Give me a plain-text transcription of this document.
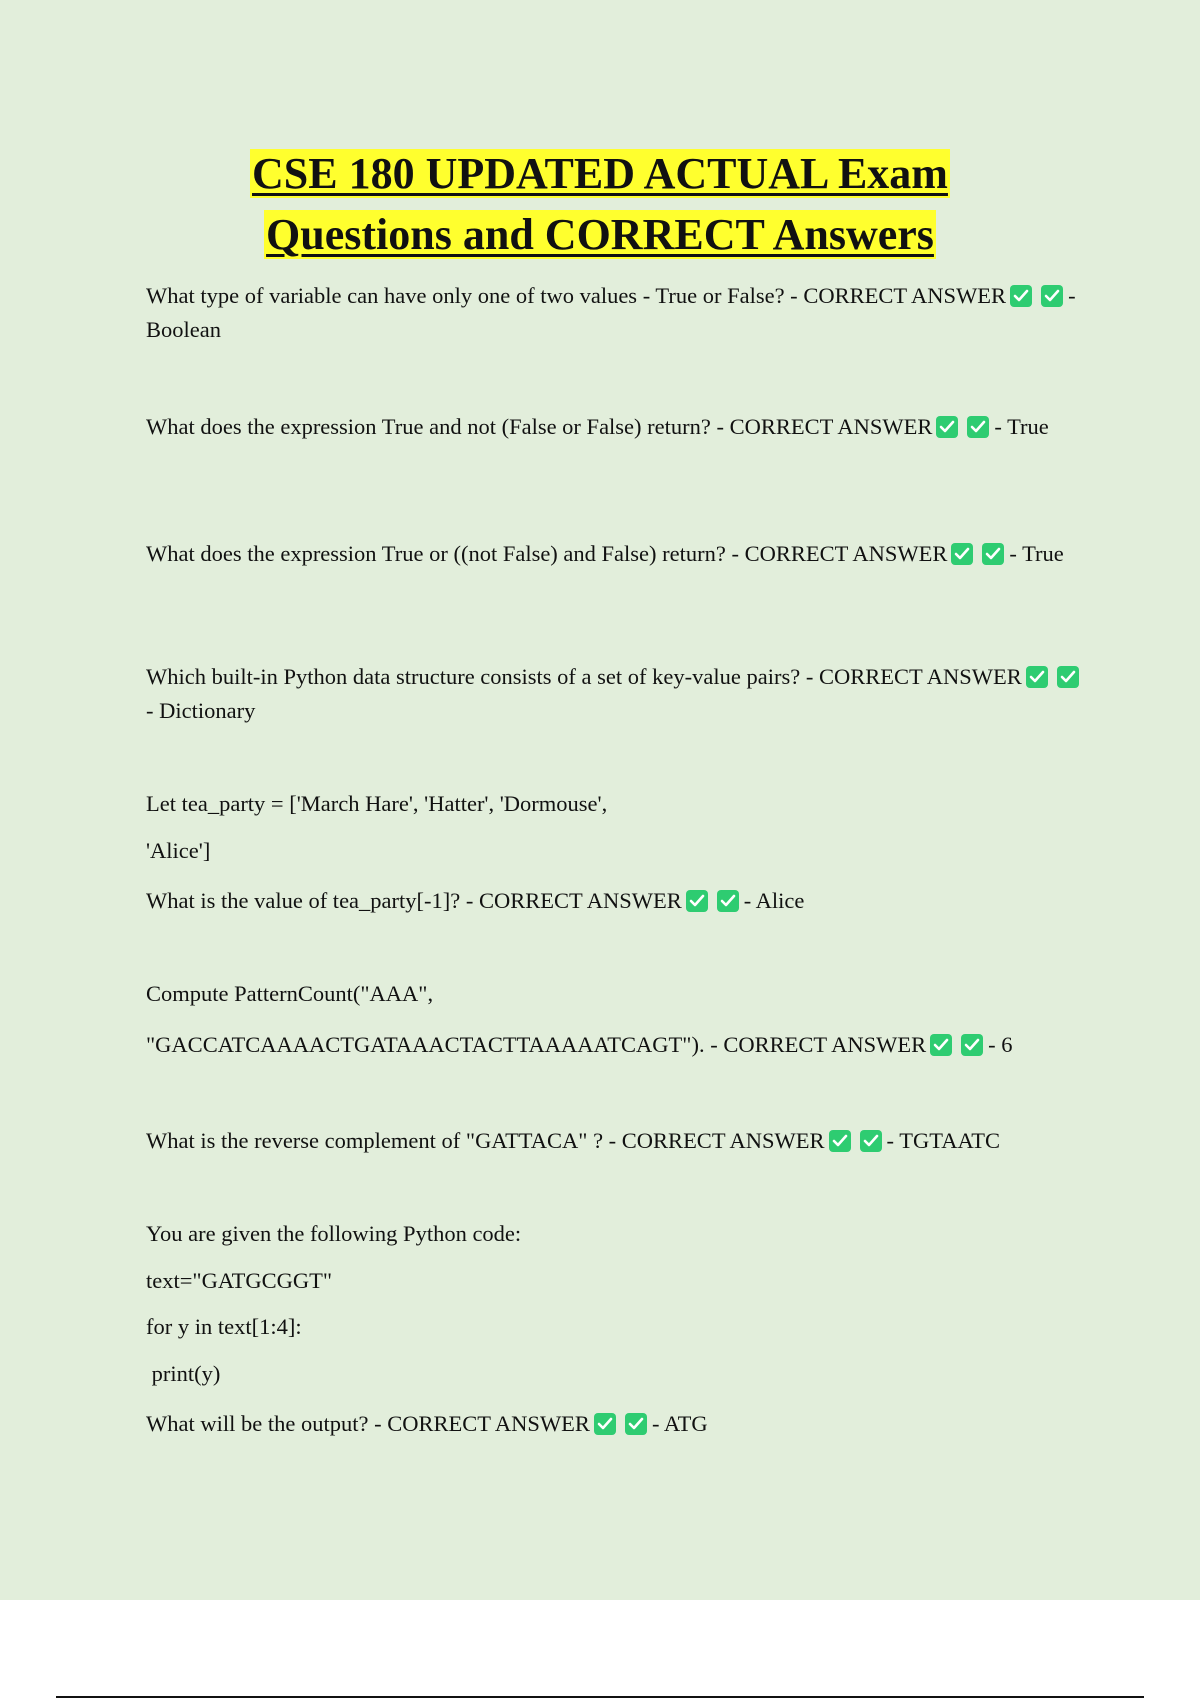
CSE 180 UPDATED ACTUAL Exam
Questions and CORRECT Answers
What type of variable can have only one of two values - True or False? - CORRECT ANSWER	- Boolean
What does the expression True and not (False or False) return? - CORRECT ANSWER	- True
What does the expression True or ((not False) and False) return? - CORRECT ANSWER	- True
Which built-in Python data structure consists of a set of key-value pairs? - CORRECT ANSWER
- Dictionary
Let tea_party = ['March Hare', 'Hatter', 'Dormouse',
'Alice']
What is the value of tea_party[-1]? - CORRECT ANSWER	- Alice
Compute PatternCount("AAA",
"GACCATCAAAACTGATAAACTACTTAAAAATCAGT"). - CORRECT ANSWER	- 6
What is the reverse complement of "GATTACA" ? - CORRECT ANSWER	- TGTAATC
You are given the following Python code:
text="GATGCGGT"
for y in text[1:4]:
print(y)
What will be the output? - CORRECT ANSWER	- ATG
